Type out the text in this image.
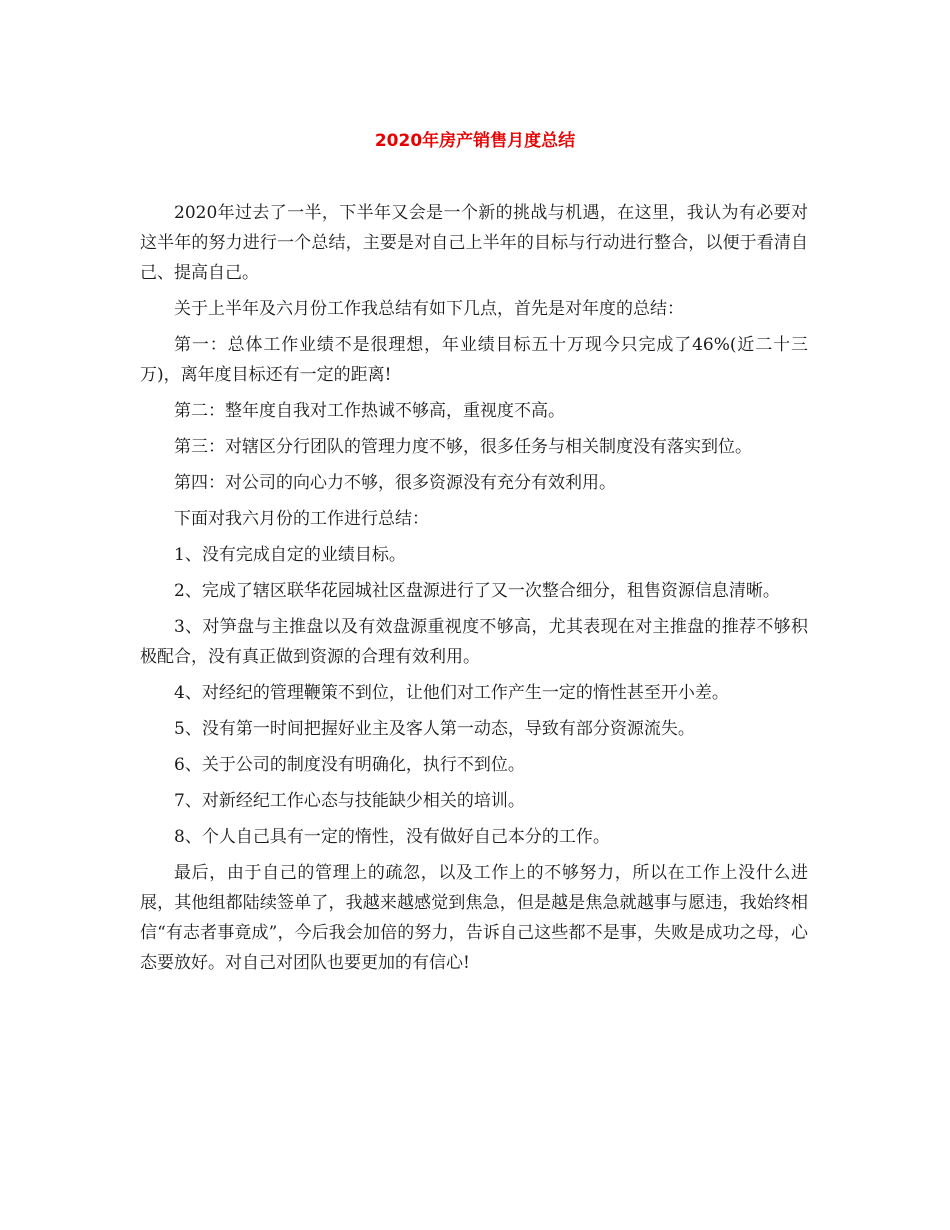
2020年房产销售月度总结

2020年过去了一半，下半年又会是一个新的挑战与机遇，在这里，我认为有必要对这半年的努力进行一个总结，主要是对自己上半年的目标与行动进行整合，以便于看清自己、提高自己。

关于上半年及六月份工作我总结有如下几点，首先是对年度的总结：

第一：总体工作业绩不是很理想，年业绩目标五十万现今只完成了46%(近二十三万)，离年度目标还有一定的距离!

第二：整年度自我对工作热诚不够高，重视度不高。

第三：对辖区分行团队的管理力度不够，很多任务与相关制度没有落实到位。

第四：对公司的向心力不够，很多资源没有充分有效利用。

下面对我六月份的工作进行总结：

1、没有完成自定的业绩目标。

2、完成了辖区联华花园城社区盘源进行了又一次整合细分，租售资源信息清晰。

3、对笋盘与主推盘以及有效盘源重视度不够高，尤其表现在对主推盘的推荐不够积极配合，没有真正做到资源的合理有效利用。

4、对经纪的管理鞭策不到位，让他们对工作产生一定的惰性甚至开小差。

5、没有第一时间把握好业主及客人第一动态，导致有部分资源流失。

6、关于公司的制度没有明确化，执行不到位。

7、对新经纪工作心态与技能缺少相关的培训。

8、个人自己具有一定的惰性，没有做好自己本分的工作。

最后，由于自己的管理上的疏忽，以及工作上的不够努力，所以在工作上没什么进展，其他组都陆续签单了，我越来越感觉到焦急，但是越是焦急就越事与愿违，我始终相信“有志者事竟成”，今后我会加倍的努力，告诉自己这些都不是事，失败是成功之母，心态要放好。对自己对团队也要更加的有信心!
